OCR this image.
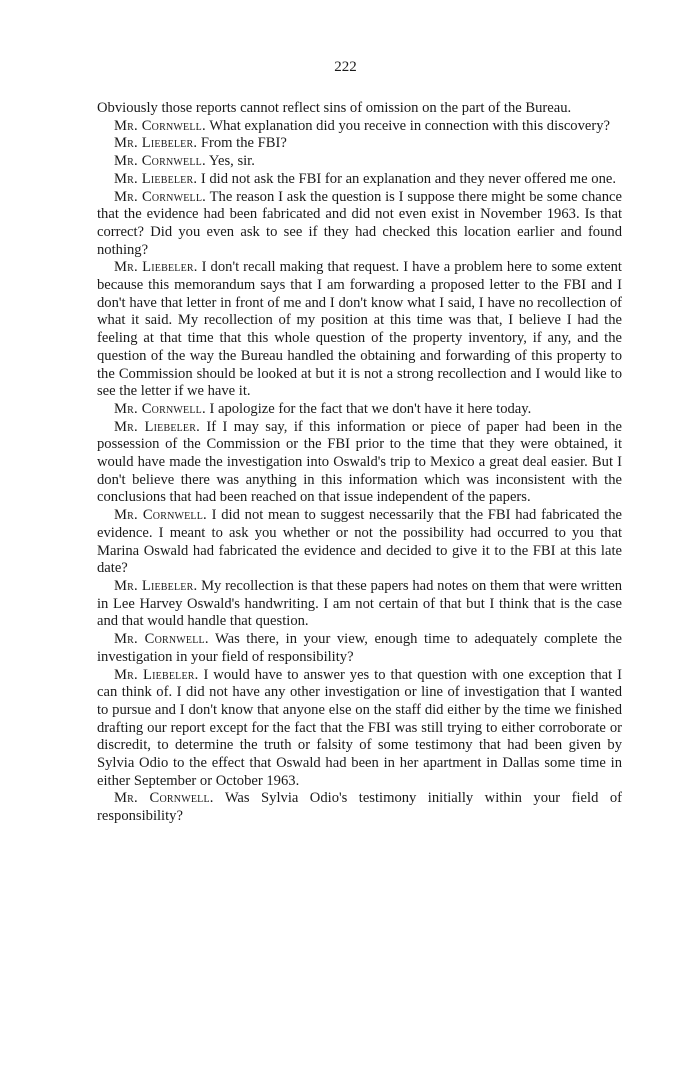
222

Obviously those reports cannot reflect sins of omission on the part of the Bureau.

Mr. Cornwell. What explanation did you receive in connection with this discovery?

Mr. Liebeler. From the FBI?

Mr. Cornwell. Yes, sir.

Mr. Liebeler. I did not ask the FBI for an explanation and they never offered me one.

Mr. Cornwell. The reason I ask the question is I suppose there might be some chance that the evidence had been fabricated and did not even exist in November 1963. Is that correct? Did you even ask to see if they had checked this location earlier and found nothing?

Mr. Liebeler. I don't recall making that request. I have a problem here to some extent because this memorandum says that I am forwarding a proposed letter to the FBI and I don't have that letter in front of me and I don't know what I said, I have no recollection of what it said. My recollection of my position at this time was that, I believe I had the feeling at that time that this whole question of the property inventory, if any, and the question of the way the Bureau handled the obtaining and forwarding of this property to the Commission should be looked at but it is not a strong recollection and I would like to see the letter if we have it.

Mr. Cornwell. I apologize for the fact that we don't have it here today.

Mr. Liebeler. If I may say, if this information or piece of paper had been in the possession of the Commission or the FBI prior to the time that they were obtained, it would have made the investigation into Oswald's trip to Mexico a great deal easier. But I don't believe there was anything in this information which was inconsistent with the conclusions that had been reached on that issue independent of the papers.

Mr. Cornwell. I did not mean to suggest necessarily that the FBI had fabricated the evidence. I meant to ask you whether or not the possibility had occurred to you that Marina Oswald had fabricated the evidence and decided to give it to the FBI at this late date?

Mr. Liebeler. My recollection is that these papers had notes on them that were written in Lee Harvey Oswald's handwriting. I am not certain of that but I think that is the case and that would handle that question.

Mr. Cornwell. Was there, in your view, enough time to adequately complete the investigation in your field of responsibility?

Mr. Liebeler. I would have to answer yes to that question with one exception that I can think of. I did not have any other investigation or line of investigation that I wanted to pursue and I don't know that anyone else on the staff did either by the time we finished drafting our report except for the fact that the FBI was still trying to either corroborate or discredit, to determine the truth or falsity of some testimony that had been given by Sylvia Odio to the effect that Oswald had been in her apartment in Dallas some time in either September or October 1963.

Mr. Cornwell. Was Sylvia Odio's testimony initially within your field of responsibility?
